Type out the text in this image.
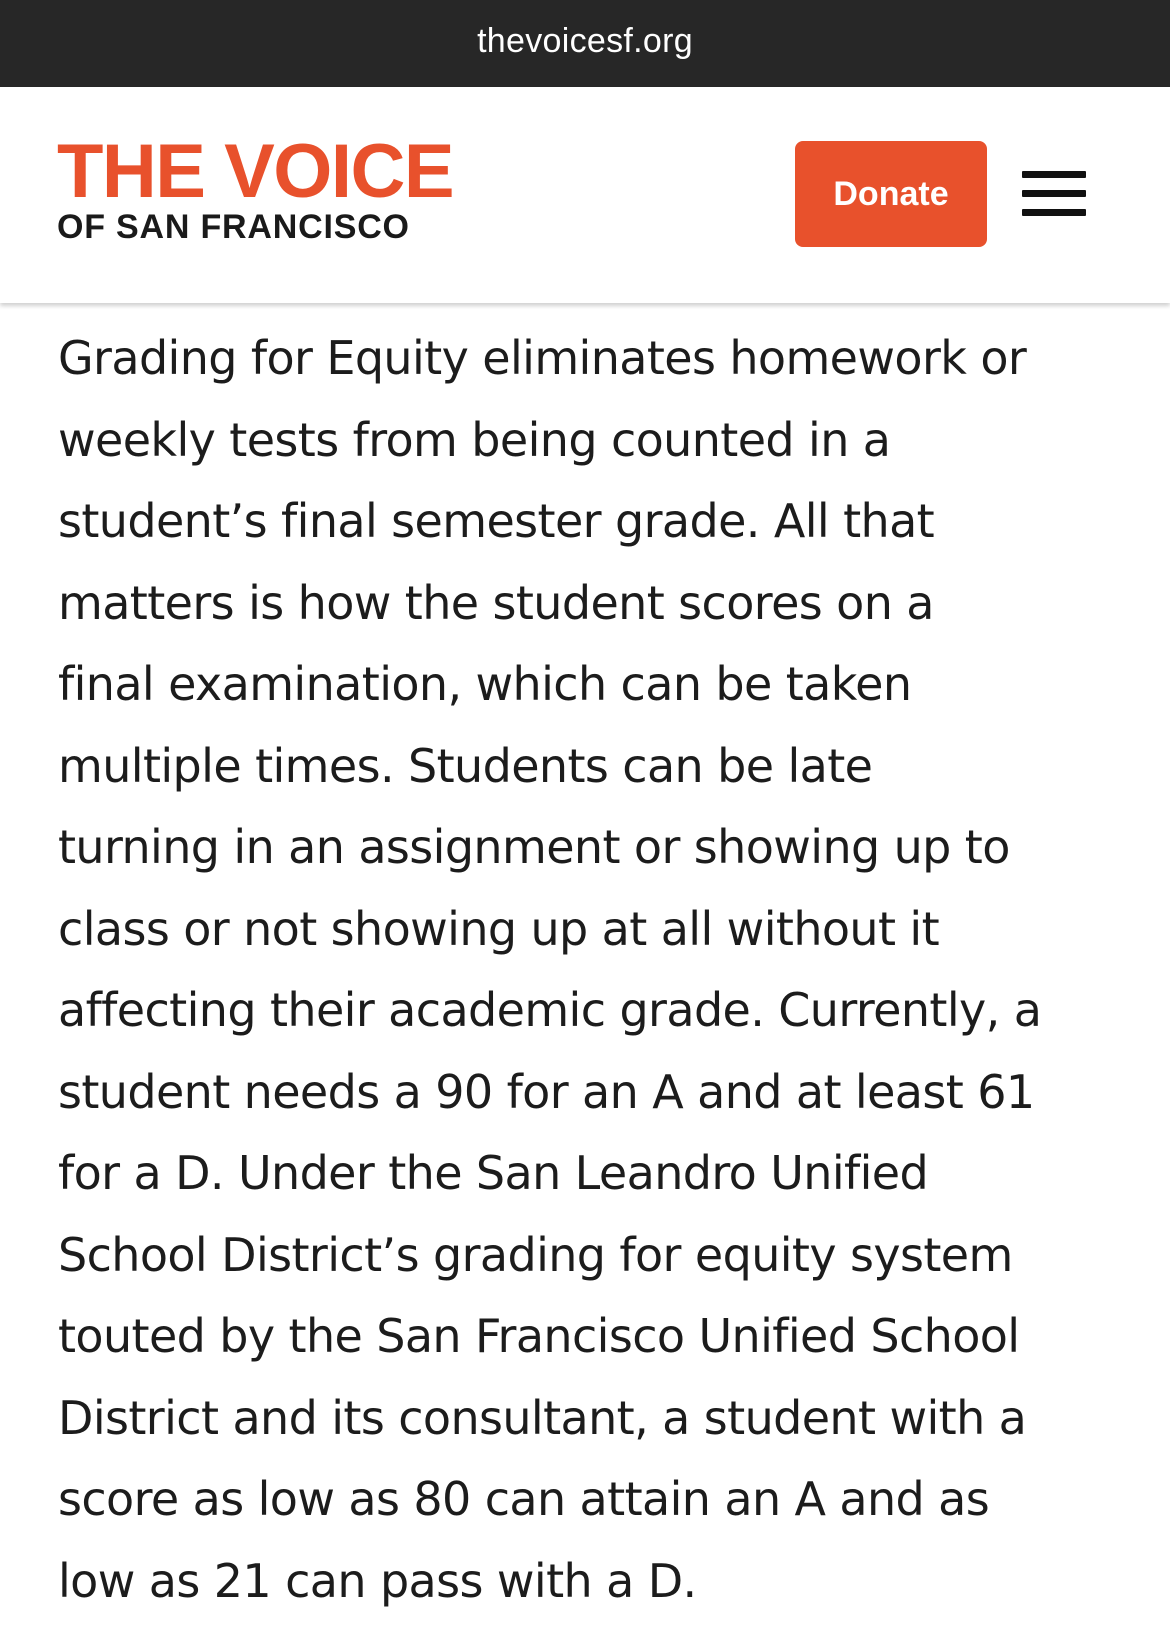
thevoicesf.org
THE VOICE
OF SAN FRANCISCO
Donate

Grading for Equity eliminates homework or
weekly tests from being counted in a
student’s final semester grade. All that
matters is how the student scores on a
final examination, which can be taken
multiple times. Students can be late
turning in an assignment or showing up to
class or not showing up at all without it
affecting their academic grade. Currently, a
student needs a 90 for an A and at least 61
for a D. Under the San Leandro Unified
School District’s grading for equity system
touted by the San Francisco Unified School
District and its consultant, a student with a
score as low as 80 can attain an A and as
low as 21 can pass with a D.
